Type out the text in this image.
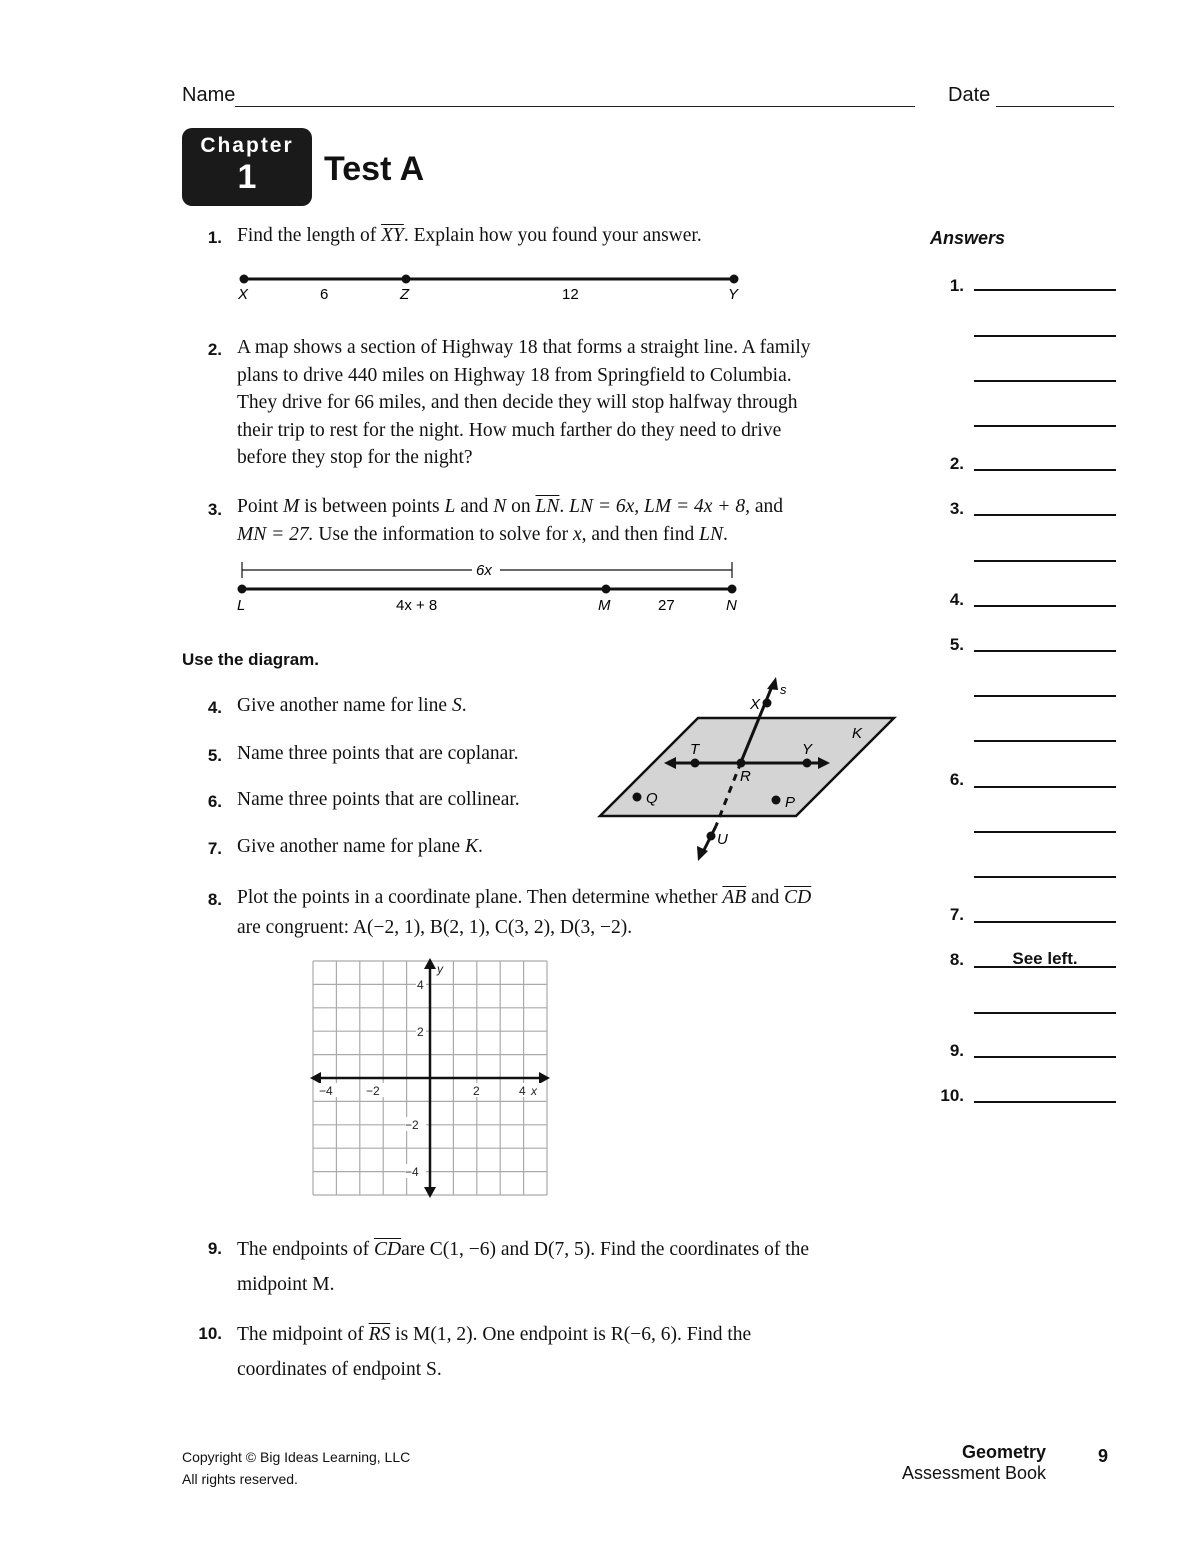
Name	Date
Chapter
1	Test A
Answers
1. Find the length of $\overline{XY}$. Explain how you found your answer.
X	Z	Y
6	12
2. A map shows a section of Highway 18 that forms a straight line. A family
plans to drive 440 miles on Highway 18 from Springfield to Columbia.
They drive for 66 miles, and then decide they will stop halfway through
their trip to rest for the night. How much farther do they need to drive
before they stop for the night?
3. Point M is between points L and N on $\overline{LN}$. LN = 6x, LM = 4x + 8, and
MN = 27. Use the information to solve for x, and then find LN.
6x
L	M	N
4x + 8	27
Use the diagram.
4. Give another name for line S.
5. Name three points that are coplanar.
6. Name three points that are collinear.
7. Give another name for plane K.
X
s
K
T	Y
R
Q	P
U
8. Plot the points in a coordinate plane. Then determine whether $\overline{AB}$ and $\overline{CD}$
are congruent: A(−2, 1), B(2, 1), C(3, 2), D(3, −2).
−4	−2	2	4 x
4
y
2
−2
−4
9. The endpoints of $\overline{CD}are$ C(1, −6) and D(7, 5). Find the coordinates of the
midpoint M.
10. The midpoint of $\overline{RS}$ is M(1, 2). One endpoint is R(−6, 6). Find the
coordinates of endpoint S.
1.
2.
3.
4.
5.
6.
7.
8.	See left.
9.
10.
Copyright © Big Ideas Learning, LLC
All rights reserved.
Geometry
Assessment Book
9
